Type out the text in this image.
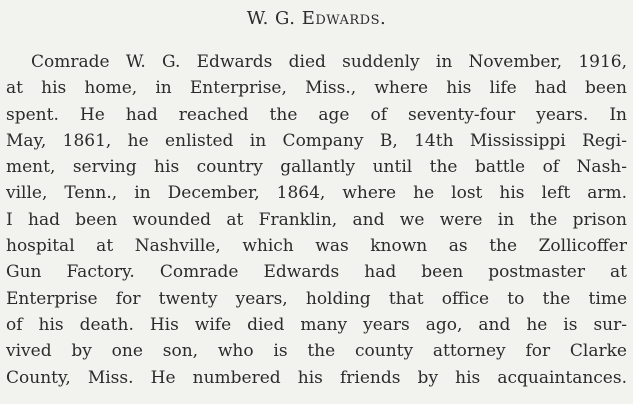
W. G. Edwards.
Comrade W. G. Edwards died suddenly in November, 1916,
at his home, in Enterprise, Miss., where his life had been
spent. He had reached the age of seventy-four years. In
May, 1861, he enlisted in Company B, 14th Mississippi Regi-
ment, serving his country gallantly until the battle of Nash-
ville, Tenn., in December, 1864, where he lost his left arm.
I had been wounded at Franklin, and we were in the prison
hospital at Nashville, which was known as the Zollicoffer
Gun Factory. Comrade Edwards had been postmaster at
Enterprise for twenty years, holding that office to the time
of his death. His wife died many years ago, and he is sur-
vived by one son, who is the county attorney for Clarke
County, Miss. He numbered his friends by his acquaintances.
